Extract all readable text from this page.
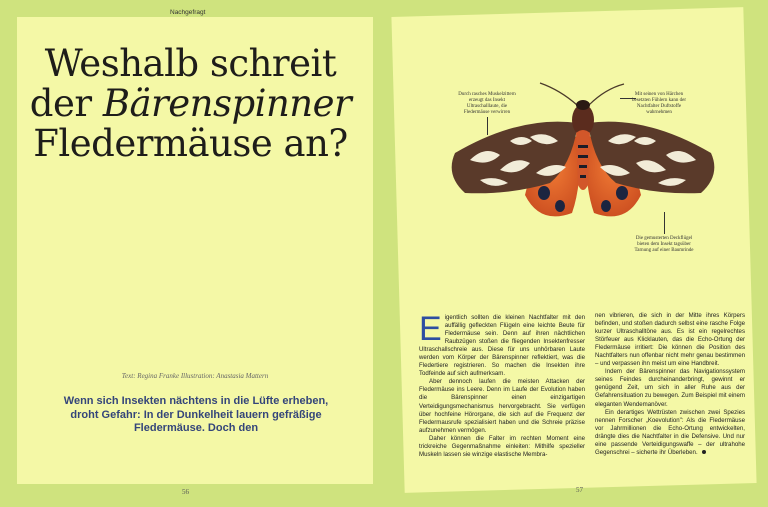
Nachgefragt
Weshalb schreit
der Bärenspinner
Fledermäuse an?
Text: Regina Franke Illustration: Anastasia Mattern
Wenn sich Insekten nächtens in die Lüfte erheben, droht Gefahr: In der Dunkelheit lauern gefräßige Fledermäuse. Doch den
56
Durch rasches Muskelzittern erzeugt das Insekt Ultraschalllaute, die Fledermäuse verwirren
Mit seinen von Härchen besetzten Fühlern kann der Nachtfalter Duftstoffe wahrnehmen
Die gemusterten Deckflügel bieten dem Insekt tagsüber Tarnung auf einer Baumrinde

Eigentlich sollten die kleinen Nachtfalter mit den auffällig gefleckten Flügeln eine leichte Beute für Fledermäuse sein. Denn auf ihren nächtlichen Raubzügen stoßen die fliegenden Insektenfresser Ultraschallschreie aus. Diese für uns unhörbaren Laute werden vom Körper der Bärenspinner reflektiert, was die Fledertiere registrieren. So machen die Insekten ihre Todfeinde auf sich aufmerksam.

Aber dennoch laufen die meisten Attacken der Fledermäuse ins Leere. Denn im Laufe der Evolution haben die Bärenspinner einen einzigartigen Verteidigungsmechanismus hervorgebracht. Sie verfügen über hochfeine Hörorgane, die sich auf die Frequenz der Fledermausrufe spezialisiert haben und die Schreie präzise aufzunehmen vermögen.

Daher können die Falter im rechten Moment eine trickreiche Gegenmaßnahme einleiten: Mithilfe spezieller Muskeln lassen sie winzige elastische Membra-

nen vibrieren, die sich in der Mitte ihres Körpers befinden, und stoßen dadurch selbst eine rasche Folge kurzer Ultraschalltöne aus. Es ist ein regelrechtes Störfeuer aus Klicklauten, das die Echo-Ortung der Fledermäuse irritiert: Die können die Position des Nachtfalters nun offenbar nicht mehr genau bestimmen – und verpassen ihn meist um eine Handbreit.

Indem der Bärenspinner das Navigationssystem seines Feindes durcheinanderbringt, gewinnt er genügend Zeit, um sich in aller Ruhe aus der Gefahrensituation zu bewegen. Zum Beispiel mit einem eleganten Wendemanöver.

Ein derartiges Wettrüsten zwischen zwei Spezies nennen Forscher „Koevolution": Als die Fledermäuse vor Jahrmillionen die Echo-Ortung entwickelten, drängte dies die Nachtfalter in die Defensive. Und nur eine passende Verteidigungswaffe – der ultrahohe Gegenschrei – sicherte ihr Überleben.

57
